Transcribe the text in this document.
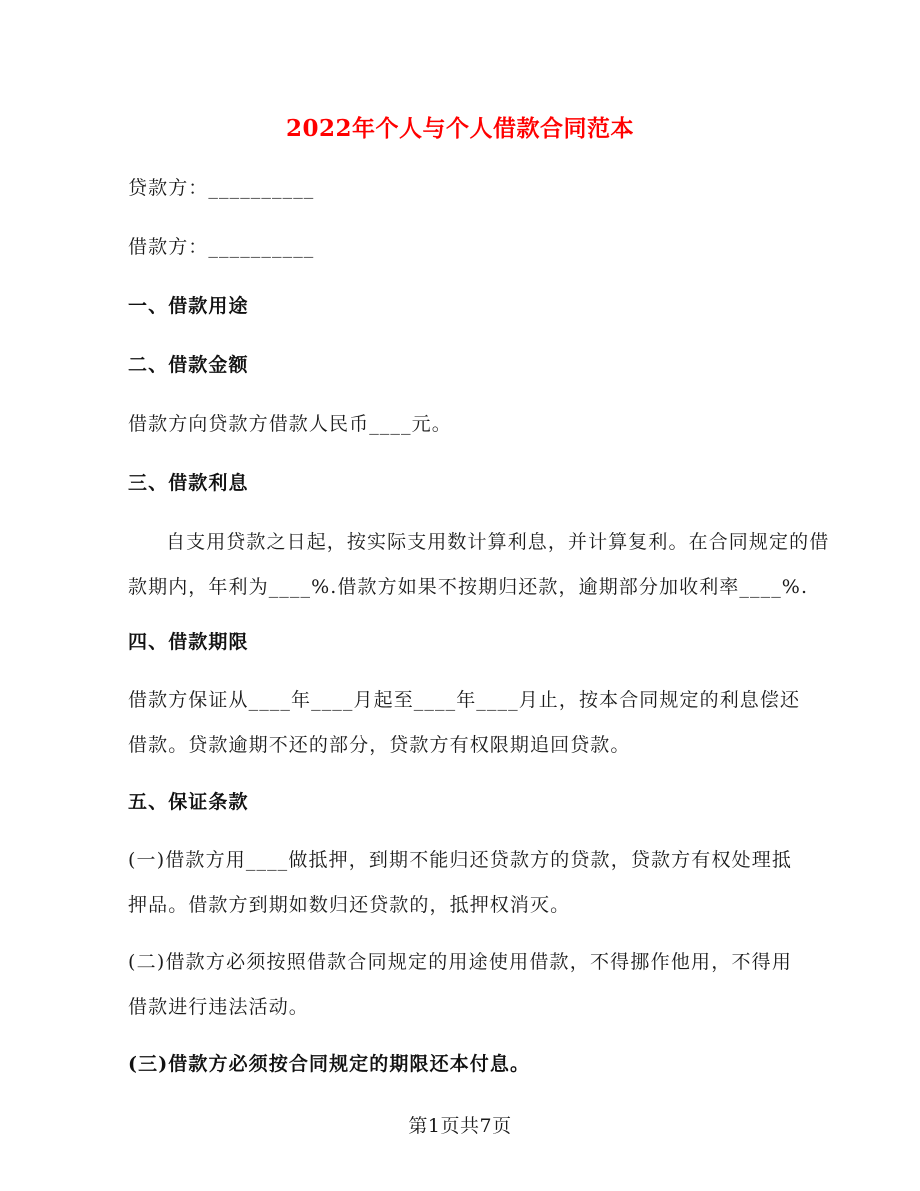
2022年个人与个人借款合同范本
贷款方：__________
借款方：__________
一、借款用途
二、借款金额
借款方向贷款方借款人民币____元。
三、借款利息
自支用贷款之日起，按实际支用数计算利息，并计算复利。在合同规定的借
款期内，年利为____%.借款方如果不按期归还款，逾期部分加收利率____%.
四、借款期限
借款方保证从____年____月起至____年____月止，按本合同规定的利息偿还
借款。贷款逾期不还的部分，贷款方有权限期追回贷款。
五、保证条款
(一)借款方用____做抵押，到期不能归还贷款方的贷款，贷款方有权处理抵
押品。借款方到期如数归还贷款的，抵押权消灭。
(二)借款方必须按照借款合同规定的用途使用借款，不得挪作他用，不得用
借款进行违法活动。
(三)借款方必须按合同规定的期限还本付息。
第1页共7页
